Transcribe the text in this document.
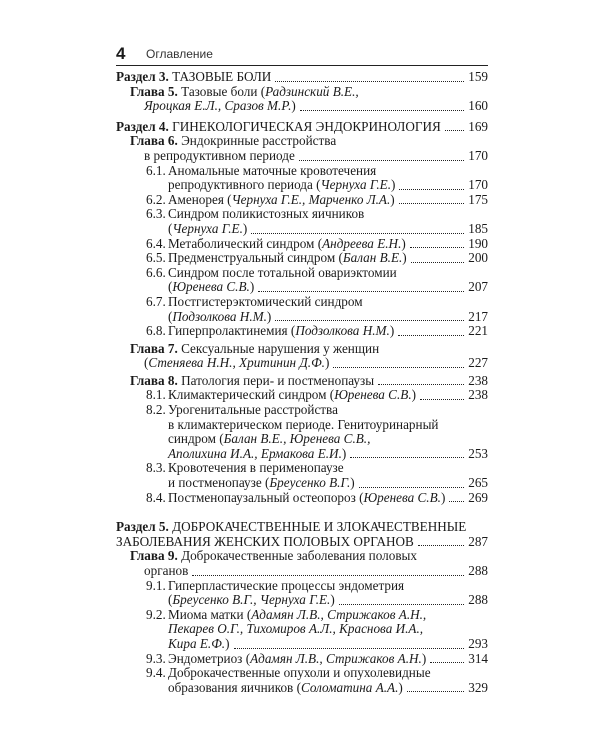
4 Оглавление
Раздел 3. ТАЗОВЫЕ БОЛИ	159
Глава 5. Тазовые боли (Радзинский В.Е.,
Яроцкая Е.Л., Сразов М.Р.)	160
Раздел 4. ГИНЕКОЛОГИЧЕСКАЯ ЭНДОКРИНОЛОГИЯ 169
Глава 6. Эндокринные расстройства
в репродуктивном периоде	170
6.1. Аномальные маточные кровотечения
репродуктивного периода (Чернуха Г.Е.)	170
6.2. Аменорея (Чернуха Г.Е., Марченко Л.А.)	175
6.3. Синдром поликистозных яичников
(Чернуха Г.Е.)	185
6.4. Метаболический синдром (Андреева Е.Н.)	190
6.5. Предменструальный синдром (Балан В.Е.)	200
6.6. Синдром после тотальной овариэктомии
(Юренева С.В.)	207
6.7. Постгистерэктомический синдром
(Подзолкова Н.М.)	217
6.8. Гиперпролактинемия (Подзолкова Н.М.)	221
Глава 7. Сексуальные нарушения у женщин
(Стеняева Н.Н., Хритинин Д.Ф.)	227
Глава 8. Патология пери- и постменопаузы	238
8.1. Климактерический синдром (Юренева С.В.)	238
8.2. Урогенитальные расстройства
в климактерическом периоде. Генитоуринарный
синдром (Балан В.Е., Юренева С.В.,
Аполихина И.А., Ермакова Е.И.)	253
8.3. Кровотечения в перименопаузе
и постменопаузе (Бреусенко В.Г.)	265
8.4. Постменопаузальный остеопороз (Юренева С.В.) 269
Раздел 5. ДОБРОКАЧЕСТВЕННЫЕ И ЗЛОКАЧЕСТВЕННЫЕ
ЗАБОЛЕВАНИЯ ЖЕНСКИХ ПОЛОВЫХ ОРГАНОВ	287
Глава 9. Доброкачественные заболевания половых
органов	288
9.1. Гиперпластические процессы эндометрия
(Бреусенко В.Г., Чернуха Г.Е.)	288
9.2. Миома матки (Адамян Л.В., Стрижаков А.Н.,
Пекарев О.Г., Тихомиров А.Л., Краснова И.А.,
Кира Е.Ф.)	293
9.3. Эндометриоз (Адамян Л.В., Стрижаков А.Н.)	314
9.4. Доброкачественные опухоли и опухолевидные
образования яичников (Соломатина А.А.)	329
